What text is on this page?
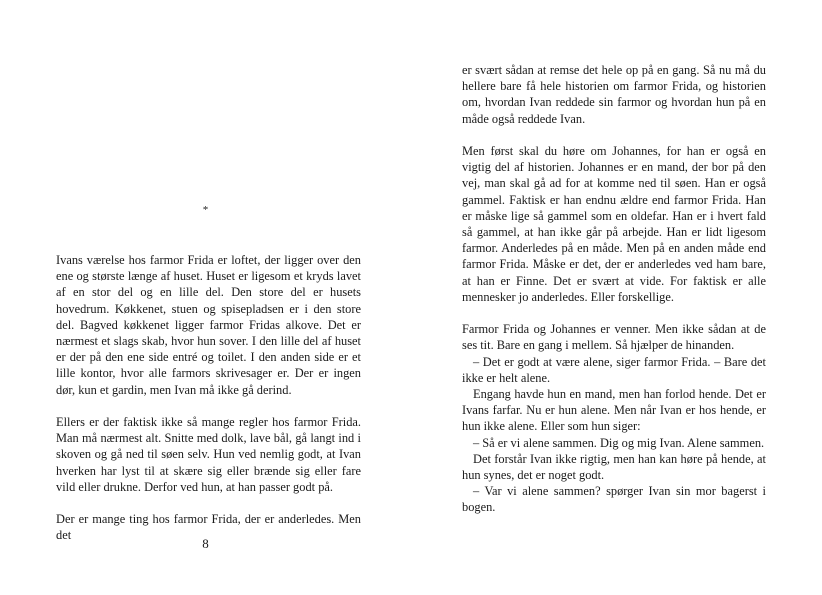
*

Ivans værelse hos farmor Frida er loftet, der ligger over den ene og største længe af huset. Huset er ligesom et kryds lavet af en stor del og en lille del. Den store del er husets hovedrum. Køkkenet, stuen og spisepladsen er i den store del. Bagved køkkenet ligger farmor Fridas alkove. Det er nærmest et slags skab, hvor hun sover. I den lille del af huset er der på den ene side entré og toilet. I den anden side er et lille kontor, hvor alle farmors skrivesager er. Der er ingen dør, kun et gardin, men Ivan må ikke gå derind.

Ellers er der faktisk ikke så mange regler hos farmor Frida. Man må nærmest alt. Snitte med dolk, lave bål, gå langt ind i skoven og gå ned til søen selv. Hun ved nemlig godt, at Ivan hverken har lyst til at skære sig eller brænde sig eller fare vild eller drukne. Derfor ved hun, at han passer godt på.

Der er mange ting hos farmor Frida, der er anderledes. Men det

8

er svært sådan at remse det hele op på en gang. Så nu må du hellere bare få hele historien om farmor Frida, og historien om, hvordan Ivan reddede sin farmor og hvordan hun på en måde også reddede Ivan.

Men først skal du høre om Johannes, for han er også en vigtig del af historien. Johannes er en mand, der bor på den vej, man skal gå ad for at komme ned til søen. Han er også gammel. Faktisk er han endnu ældre end farmor Frida. Han er måske lige så gammel som en oldefar. Han er i hvert fald så gammel, at han ikke går på arbejde. Han er lidt ligesom farmor. Anderledes på en måde. Men på en anden måde end farmor Frida. Måske er det, der er anderledes ved ham bare, at han er Finne. Det er svært at vide. For faktisk er alle mennesker jo anderledes. Eller forskellige.

Farmor Frida og Johannes er venner. Men ikke sådan at de ses tit. Bare en gang i mellem. Så hjælper de hinanden.

– Det er godt at være alene, siger farmor Frida. – Bare det ikke er helt alene.

Engang havde hun en mand, men han forlod hende. Det er Ivans farfar. Nu er hun alene. Men når Ivan er hos hende, er hun ikke alene. Eller som hun siger:

– Så er vi alene sammen. Dig og mig Ivan. Alene sammen.

Det forstår Ivan ikke rigtig, men han kan høre på hende, at hun synes, det er noget godt.

– Var vi alene sammen? spørger Ivan sin mor bagerst i bogen.
